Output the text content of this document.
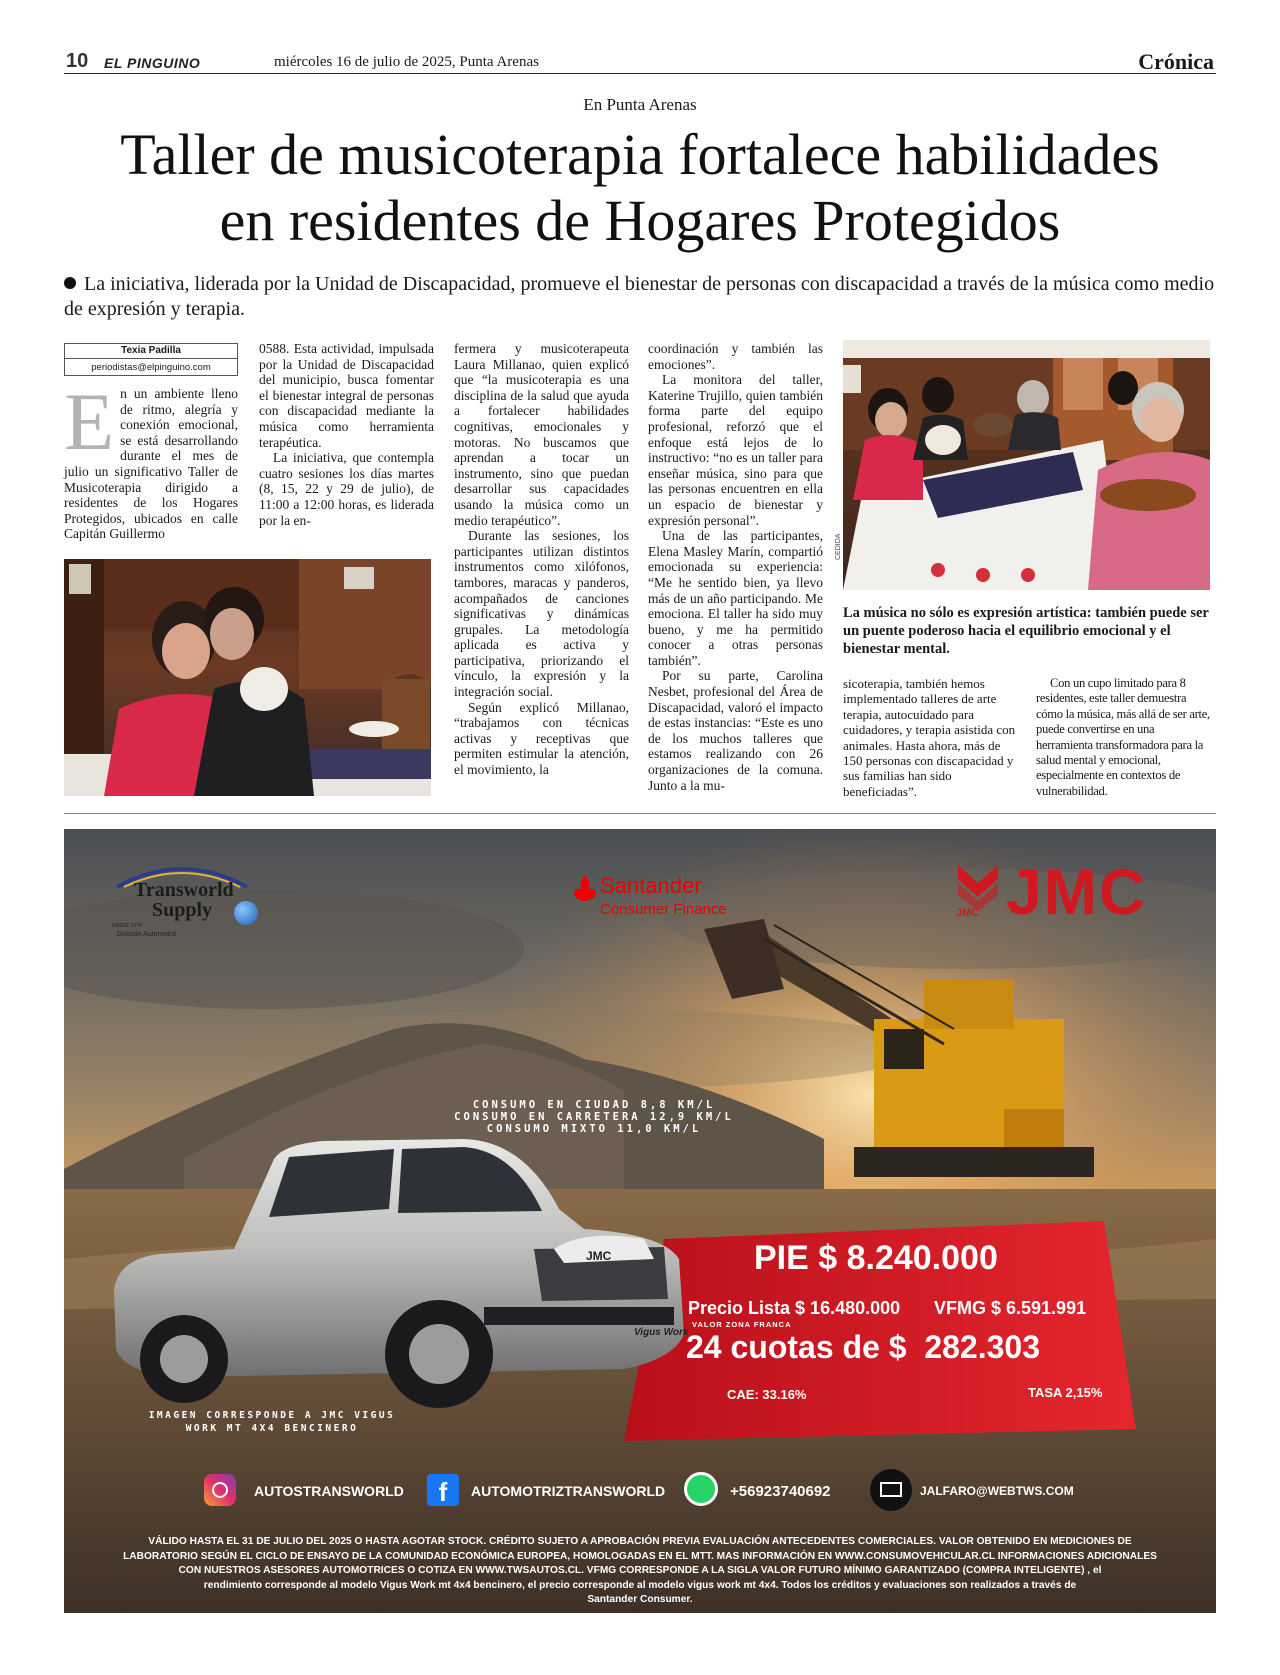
10 EL PINGUINO	miércoles 16 de julio de 2025, Punta Arenas	Crónica
En Punta Arenas
Taller de musicoterapia fortalece habilidades
en residentes de Hogares Protegidos
La iniciativa, liderada por la Unidad de Discapacidad, promueve el bienestar de personas con discapacidad a través de la música como medio de expresión y terapia.
Texia Padilla
periodistas@elpinguino.com

En un ambiente lleno de ritmo, alegría y conexión emocional, se está desarrollando durante el mes de julio un significativo Taller de Musicoterapia dirigido a residentes de los Hogares Protegidos, ubicados en calle Capitán Guillermo

0588. Esta actividad, impulsada por la Unidad de Discapacidad del municipio, busca fomentar el bienestar integral de personas con discapacidad mediante la música como herramienta terapéutica.

La iniciativa, que contempla cuatro sesiones los días martes (8, 15, 22 y 29 de julio), de 11:00 a 12:00 horas, es liderada por la en-

fermera y musicoterapeuta Laura Millanao, quien explicó que “la musicoterapia es una disciplina de la salud que ayuda a fortalecer habilidades cognitivas, emocionales y motoras. No buscamos que aprendan a tocar un instrumento, sino que puedan desarrollar sus capacidades usando la música como un medio terapéutico”.

Durante las sesiones, los participantes utilizan distintos instrumentos como xilófonos, tambores, maracas y panderos, acompañados de canciones significativas y dinámicas grupales. La metodología aplicada es activa y participativa, priorizando el vínculo, la expresión y la integración social.

Según explicó Millanao, “trabajamos con técnicas activas y receptivas que permiten estimular la atención, el movimiento, la

coordinación y también las emociones”.

La monitora del taller, Katerine Trujillo, quien también forma parte del equipo profesional, reforzó que el enfoque está lejos de lo instructivo: “no es un taller para enseñar música, sino para que las personas encuentren en ella un espacio de bienestar y expresión personal”.

Una de las participantes, Elena Masley Marín, compartió emocionada su experiencia: “Me he sentido bien, ya llevo más de un año participando. Me emociona. El taller ha sido muy bueno, y me ha permitido conocer a otras personas también”.

Por su parte, Carolina Nesbet, profesional del Área de Discapacidad, valoró el impacto de estas instancias: “Este es uno de los muchos talleres que estamos realizando con 26 organizaciones de la comuna. Junto a la mu-

sicoterapia, también hemos implementado talleres de arte terapia, autocuidado para cuidadores, y terapia asistida con animales. Hasta ahora, más de 150 personas con discapacidad y sus familias han sido beneficiadas”.

Con un cupo limitado para 8 residentes, este taller demuestra cómo la música, más allá de ser arte, puede convertirse en una herramienta transformadora para la salud mental y emocional, especialmente en contextos de vulnerabilidad.

CEDIDA
La música no sólo es expresión artística: también puede ser un puente poderoso hacia el equilibrio emocional y el bienestar mental.
Transworld
Supply
DESDE 1974
División Automotriz
Santander
Consumer Finance	JMC JMC
CONSUMO EN CIUDAD 8,8 KM/L
CONSUMO EN CARRETERA 12,9 KM/L
CONSUMO MIXTO 11,0 KM/L
JMC
Vigus Work
PIE $ 8.240.000
Precio Lista $ 16.480.000 VFMG $ 6.591.991
VALOR ZONA FRANCA
24 cuotas de $  282.303
CAE: 33.16%	TASA 2,15%
IMAGEN CORRESPONDE A JMC VIGUS WORK MT 4X4 BENCINERO
AUTOSTRANSWORLD	f	AUTOMOTRIZTRANSWORLD	+56923740692	JALFARO@WEBTWS.COM
VÁLIDO HASTA EL 31 DE JULIO DEL 2025 O HASTA AGOTAR STOCK. CRÉDITO SUJETO A APROBACIÓN PREVIA EVALUACIÓN ANTECEDENTES COMERCIALES. VALOR OBTENIDO EN MEDICIONES DE
LABORATORIO SEGÚN EL CICLO DE ENSAYO DE LA COMUNIDAD ECONÓMICA EUROPEA, HOMOLOGADAS EN EL MTT. MAS INFORMACIÓN EN WWW.CONSUMOVEHICULAR.CL INFORMACIONES ADICIONALES
CON NUESTROS ASESORES AUTOMOTRICES O COTIZA EN WWW.TWSAUTOS.CL. VFMG CORRESPONDE A LA SIGLA VALOR FUTURO MÍNIMO GARANTIZADO (COMPRA INTELIGENTE) , el
rendimiento corresponde al modelo Vigus Work mt 4x4 bencinero, el precio corresponde al modelo vigus work mt 4x4. Todos los créditos y evaluaciones son realizados a través de
Santander Consumer.
